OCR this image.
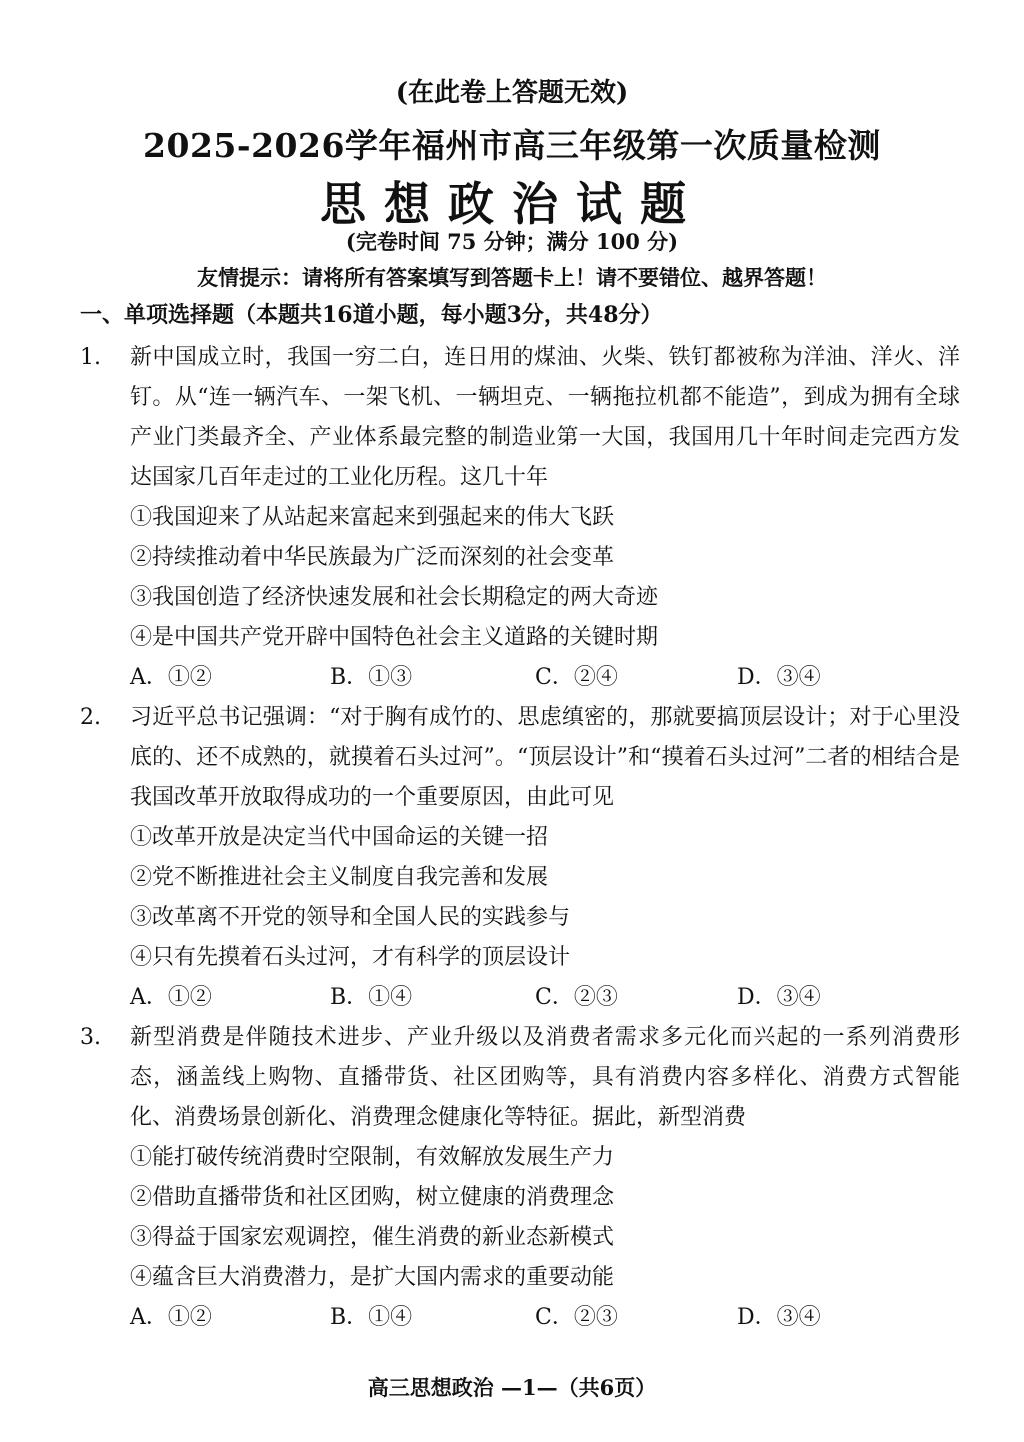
(在此卷上答题无效)
2025-2026学年福州市高三年级第一次质量检测
思想政治试题
(完卷时间 75 分钟；满分 100 分)
友情提示：请将所有答案填写到答题卡上！请不要错位、越界答题！
一、单项选择题（本题共16道小题，每小题3分，共48分）
1. 新中国成立时，我国一穷二白，连日用的煤油、火柴、铁钉都被称为洋油、洋火、洋钉。从“连一辆汽车、一架飞机、一辆坦克、一辆拖拉机都不能造”，到成为拥有全球产业门类最齐全、产业体系最完整的制造业第一大国，我国用几十年时间走完西方发达国家几百年走过的工业化历程。这几十年
①我国迎来了从站起来富起来到强起来的伟大飞跃
②持续推动着中华民族最为广泛而深刻的社会变革
③我国创造了经济快速发展和社会长期稳定的两大奇迹
④是中国共产党开辟中国特色社会主义道路的关键时期
A．①②	B．①③	C．②④	D．③④
2. 习近平总书记强调：“对于胸有成竹的、思虑缜密的，那就要搞顶层设计；对于心里没底的、还不成熟的，就摸着石头过河”。“顶层设计”和“摸着石头过河”二者的相结合是我国改革开放取得成功的一个重要原因，由此可见
①改革开放是决定当代中国命运的关键一招
②党不断推进社会主义制度自我完善和发展
③改革离不开党的领导和全国人民的实践参与
④只有先摸着石头过河，才有科学的顶层设计
A．①②	B．①④	C．②③	D．③④
3. 新型消费是伴随技术进步、产业升级以及消费者需求多元化而兴起的一系列消费形态，涵盖线上购物、直播带货、社区团购等，具有消费内容多样化、消费方式智能化、消费场景创新化、消费理念健康化等特征。据此，新型消费
①能打破传统消费时空限制，有效解放发展生产力
②借助直播带货和社区团购，树立健康的消费理念
③得益于国家宏观调控，催生消费的新业态新模式
④蕴含巨大消费潜力，是扩大国内需求的重要动能
A．①②	B．①④	C．②③	D．③④
高三思想政治 —1—（共6页）
